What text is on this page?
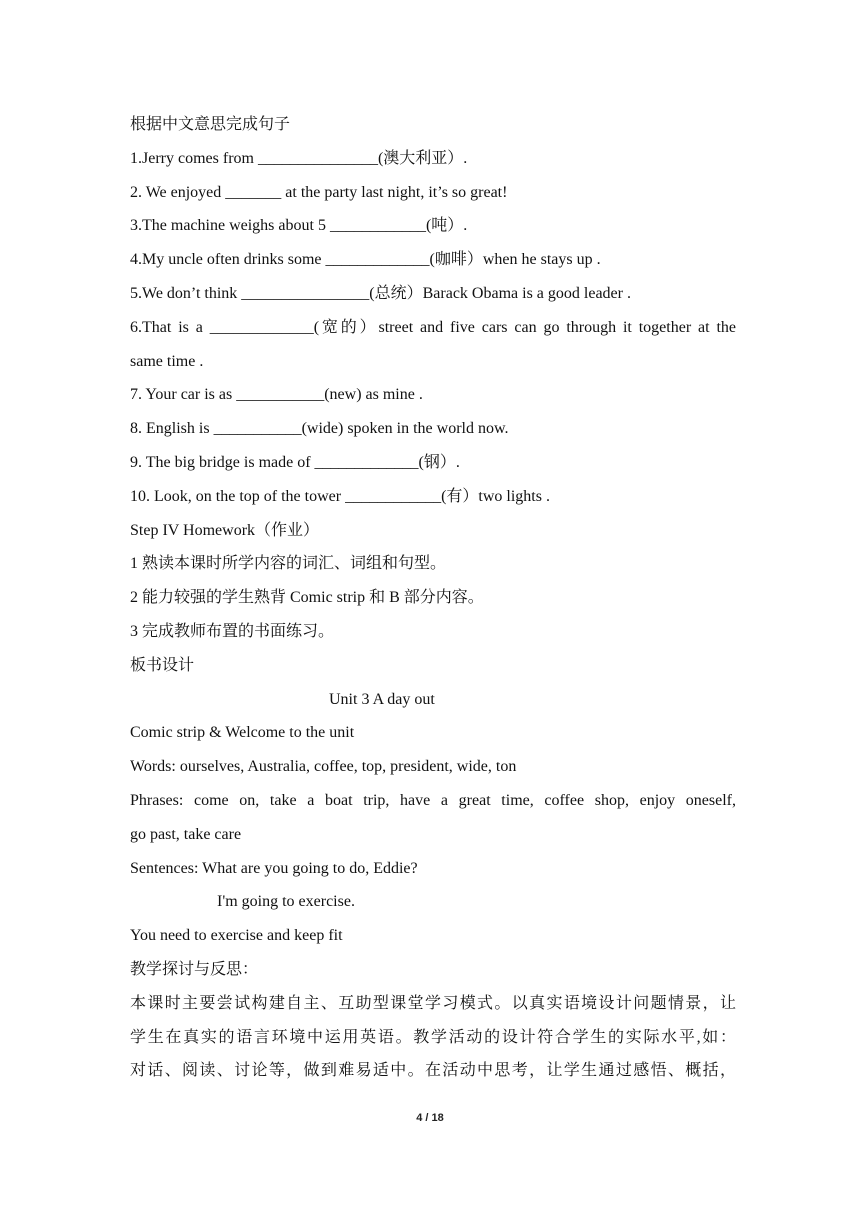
根据中文意思完成句子
1.Jerry comes from _______________(澳大利亚）.
2. We enjoyed _______ at the party last night, it’s so great!
3.The machine weighs about 5 ____________(吨）.
4.My uncle often drinks some _____________(咖啡）when he stays up .
5.We don’t think ________________(总统）Barack Obama is a good leader .
6.That is a _____________(宽的）street and five cars can go through it together at the
same time .
7. Your car is as ___________(new) as mine .
8. English is ___________(wide) spoken in the world now.
9. The big bridge is made of _____________(钢）.
10. Look, on the top of the tower ____________(有）two lights .
Step IV Homework（作业）
1 熟读本课时所学内容的词汇、词组和句型。
2 能力较强的学生熟背 Comic strip 和 B 部分内容。
3 完成教师布置的书面练习。
板书设计
Unit 3 A day out
Comic strip & Welcome to the unit
Words: ourselves, Australia, coffee, top, president, wide, ton
Phrases: come on, take a boat trip, have a great time, coffee shop, enjoy oneself,
go past, take care
Sentences: What are you going to do, Eddie?
I'm going to exercise.
You need to exercise and keep fit
教学探讨与反思：
本课时主要尝试构建自主、互助型课堂学习模式。以真实语境设计问题情景，让
学生在真实的语言环境中运用英语。教学活动的设计符合学生的实际水平,如：
对话、阅读、讨论等，做到难易适中。在活动中思考，让学生通过感悟、概括，
4 / 18
